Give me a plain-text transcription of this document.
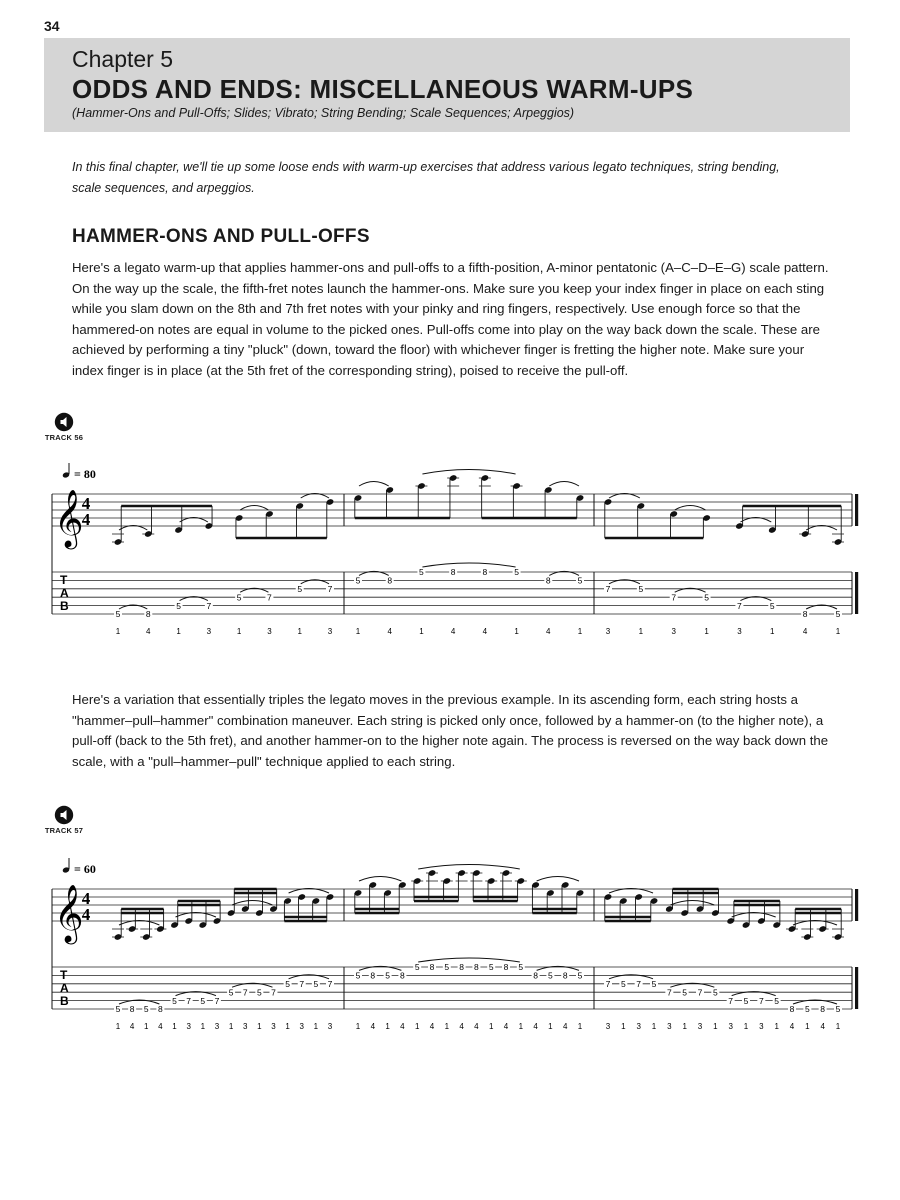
34
Chapter 5
ODDS AND ENDS: MISCELLANEOUS WARM-UPS
(Hammer-Ons and Pull-Offs; Slides; Vibrato; String Bending; Scale Sequences; Arpeggios)
In this final chapter, we'll tie up some loose ends with warm-up exercises that address various legato techniques, string bending, scale sequences, and arpeggios.
HAMMER-ONS AND PULL-OFFS
Here's a legato warm-up that applies hammer-ons and pull-offs to a fifth-position, A-minor pentatonic (A–C–D–E–G) scale pattern. On the way up the scale, the fifth-fret notes launch the hammer-ons. Make sure you keep your index finger in place on each sting while you slam down on the 8th and 7th fret notes with your pinky and ring fingers, respectively. Use enough force so that the hammered-on notes are equal in volume to the picked ones. Pull-offs come into play on the way back down the scale. These are achieved by performing a tiny "pluck" (down, toward the floor) with whichever finger is fretting the higher note. Make sure your index finger is in place (at the 5th fret of the corresponding string), poised to receive the pull-off.
TRACK 56
= 80
𝄞
4
4
T
A
B
5
1
8
4
5
1
7
3
5
1
7
3
5
1
7
3
5
1
8
4
5
1
8
4
8
4
5
1
8
4
5
1
7
3
5
1
7
3
5
1
7
3
5
1
8
4
5
1
Here's a variation that essentially triples the legato moves in the previous example. In its ascending form, each string hosts a "hammer–pull–hammer" combination maneuver. Each string is picked only once, followed by a hammer-on (to the higher note), a pull-off (back to the 5th fret), and another hammer-on to the higher note again. The process is reversed on the way back down the scale, with a "pull–hammer–pull" technique applied to each string.
TRACK 57
= 60
𝄞
4
4
T
A
B
5
1
8
4
5
1
8
4
5
1
7
3
5
1
7
3
5
1
7
3
5
1
7
3
5
1
7
3
5
1
7
3
5
1
8
4
5
1
8
4
5
1
8
4
5
1
8
4
8
4
5
1
8
4
5
1
8
4
5
1
8
4
5
1
7
3
5
1
7
3
5
1
7
3
5
1
7
3
5
1
7
3
5
1
7
3
5
1
8
4
5
1
8
4
5
1
